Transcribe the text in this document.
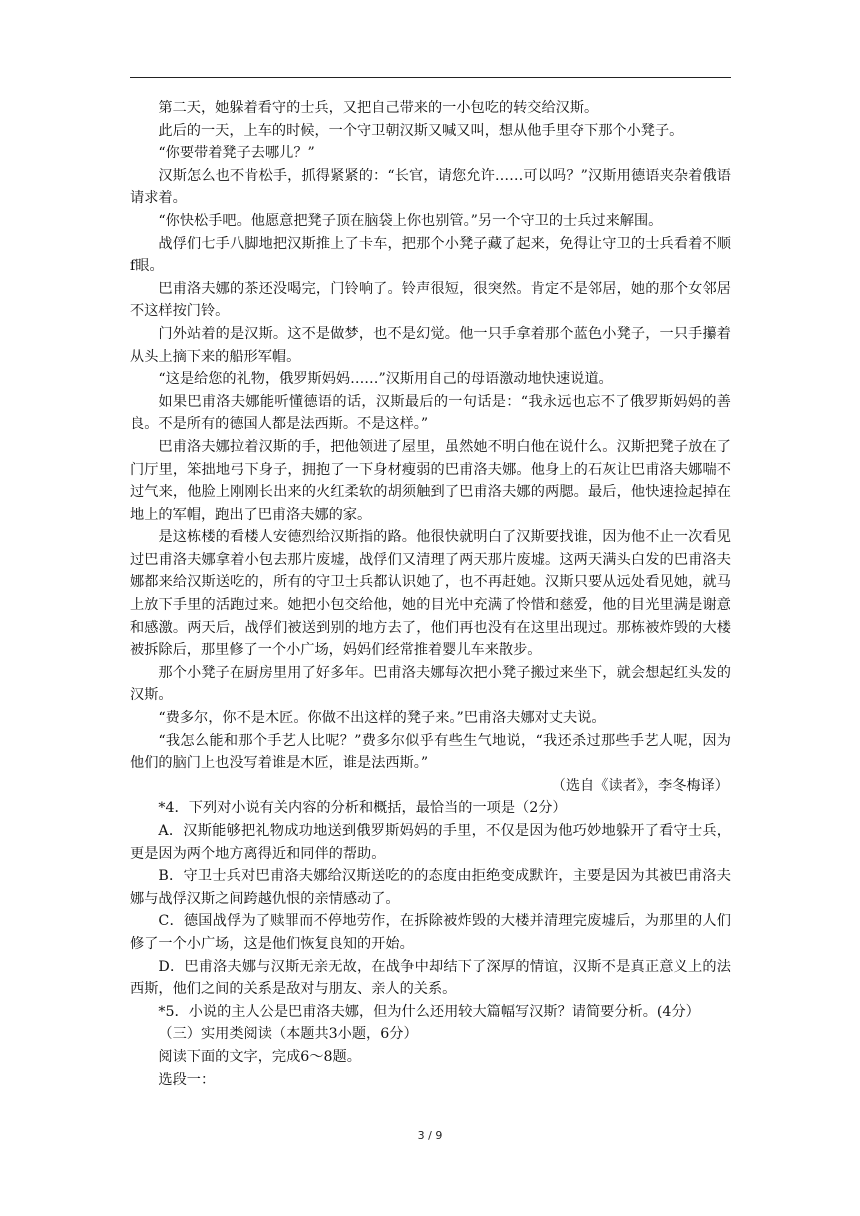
第二天，她躲着看守的士兵，又把自己带来的一小包吃的转交给汉斯。

此后的一天，上车的时候，一个守卫朝汉斯又喊又叫，想从他手里夺下那个小凳子。

“你要带着凳子去哪儿？”

汉斯怎么也不肯松手，抓得紧紧的：“长官，请您允许……可以吗？”汉斯用德语夹杂着俄语请求着。

“你快松手吧。他愿意把凳子顶在脑袋上你也别管。”另一个守卫的士兵过来解围。

战俘们七手八脚地把汉斯推上了卡车，把那个小凳子藏了起来，免得让守卫的士兵看着不顺f眼。

巴甫洛夫娜的茶还没喝完，门铃响了。铃声很短，很突然。肯定不是邻居，她的那个女邻居不这样按门铃。

门外站着的是汉斯。这不是做梦，也不是幻觉。他一只手拿着那个蓝色小凳子，一只手攥着从头上摘下来的船形军帽。

“这是给您的礼物，俄罗斯妈妈……”汉斯用自己的母语激动地快速说道。

如果巴甫洛夫娜能听懂德语的话，汉斯最后的一句话是：“我永远也忘不了俄罗斯妈妈的善良。不是所有的德国人都是法西斯。不是这样。”

巴甫洛夫娜拉着汉斯的手，把他领进了屋里，虽然她不明白他在说什么。汉斯把凳子放在了门厅里，笨拙地弓下身子，拥抱了一下身材瘦弱的巴甫洛夫娜。他身上的石灰让巴甫洛夫娜喘不过气来，他脸上刚刚长出来的火红柔软的胡须触到了巴甫洛夫娜的两腮。最后，他快速捡起掉在地上的军帽，跑出了巴甫洛夫娜的家。

是这栋楼的看楼人安德烈给汉斯指的路。他很快就明白了汉斯要找谁，因为他不止一次看见过巴甫洛夫娜拿着小包去那片废墟，战俘们又清理了两天那片废墟。这两天满头白发的巴甫洛夫娜都来给汉斯送吃的，所有的守卫士兵都认识她了，也不再赶她。汉斯只要从远处看见她，就马上放下手里的活跑过来。她把小包交给他，她的目光中充满了怜惜和慈爱，他的目光里满是谢意和感激。两天后，战俘们被送到别的地方去了，他们再也没有在这里出现过。那栋被炸毁的大楼被拆除后，那里修了一个小广场，妈妈们经常推着婴儿车来散步。

那个小凳子在厨房里用了好多年。巴甫洛夫娜每次把小凳子搬过来坐下，就会想起红头发的汉斯。

“费多尔，你不是木匠。你做不出这样的凳子来。”巴甫洛夫娜对丈夫说。

“我怎么能和那个手艺人比呢？”费多尔似乎有些生气地说，“我还杀过那些手艺人呢，因为他们的脑门上也没写着谁是木匠，谁是法西斯。”

（选自《读者》，李冬梅译）

*4．下列对小说有关内容的分析和概括，最恰当的一项是（2分）

A．汉斯能够把礼物成功地送到俄罗斯妈妈的手里，不仅是因为他巧妙地躲开了看守士兵，更是因为两个地方离得近和同伴的帮助。

B．守卫士兵对巴甫洛夫娜给汉斯送吃的的态度由拒绝变成默许，主要是因为其被巴甫洛夫娜与战俘汉斯之间跨越仇恨的亲情感动了。

C．德国战俘为了赎罪而不停地劳作，在拆除被炸毁的大楼并清理完废墟后，为那里的人们修了一个小广场，这是他们恢复良知的开始。

D．巴甫洛夫娜与汉斯无亲无故，在战争中却结下了深厚的情谊，汉斯不是真正意义上的法西斯，他们之间的关系是敌对与朋友、亲人的关系。

*5．小说的主人公是巴甫洛夫娜，但为什么还用较大篇幅写汉斯？请简要分析。(4分）

（三）实用类阅读（本题共3小题，6分）

阅读下面的文字，完成6～8题。

选段一：

3 / 9
